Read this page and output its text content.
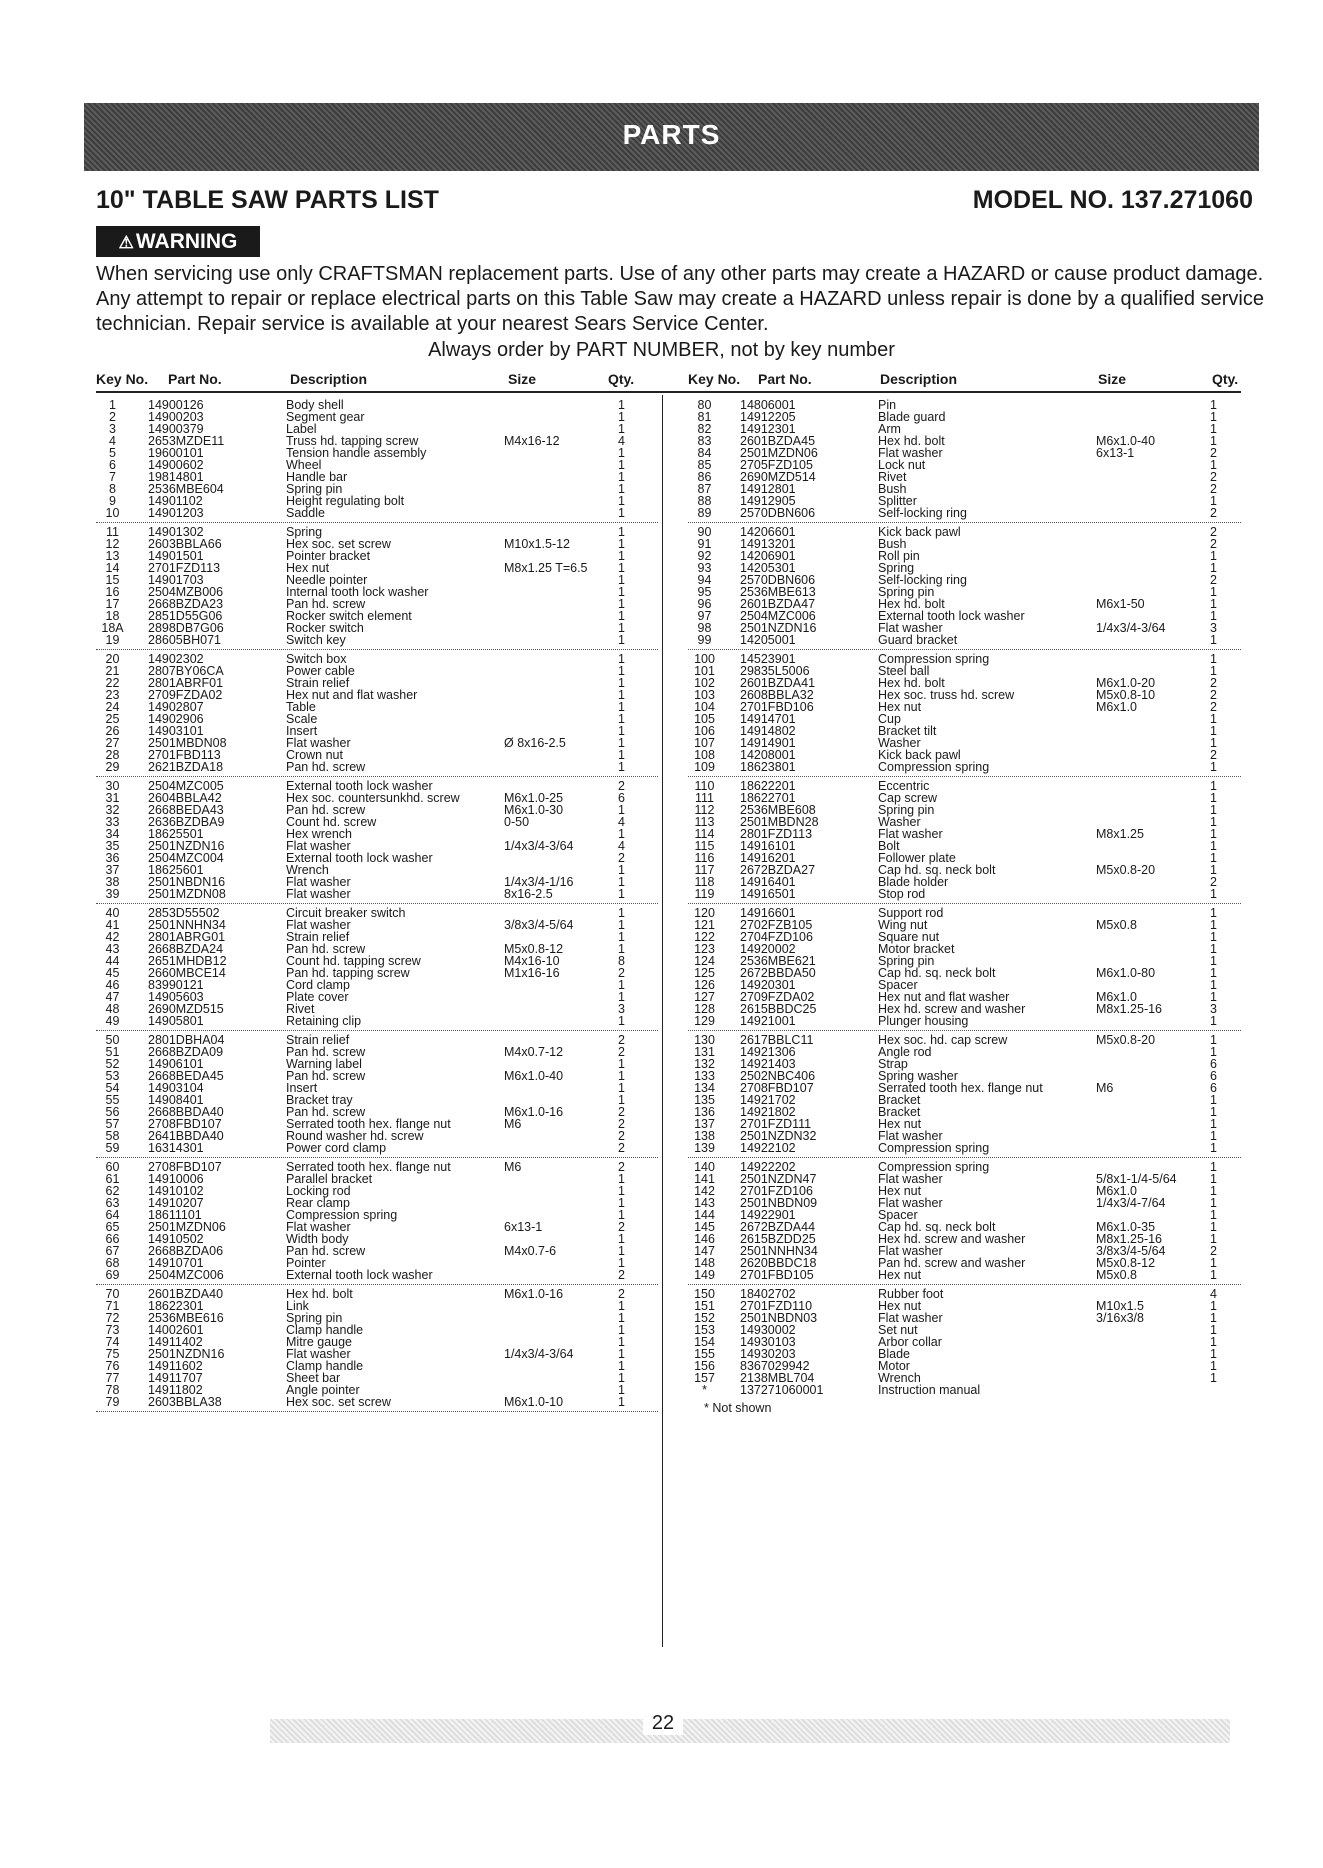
PARTS
10" TABLE SAW PARTS LIST	MODEL NO. 137.271060
⚠WARNING
When servicing use only CRAFTSMAN replacement parts. Use of any other parts may create a HAZARD or cause product damage. Any attempt to repair or replace electrical parts on this Table Saw may create a HAZARD unless repair is done by a qualified service technician. Repair service is available at your nearest Sears Service Center.
Always order by PART NUMBER, not by key number
Key No. Part No.	Description	Size	Qty.	Key No. Part No.	Description	Size	Qty.
1	14900126	Body shell	1
2	14900203	Segment gear	1
3	14900379	Label	1
4	2653MZDE11	Truss hd. tapping screw	M4x16-12	4
5	19600101	Tension handle assembly	1
6	14900602	Wheel	1
7	19814801	Handle bar	1
8	2536MBE604	Spring pin	1
9	14901102	Height regulating bolt	1
10	14901203	Saddle	1
11	14901302	Spring	1
12	2603BBLA66	Hex soc. set screw	M10x1.5-12	1
13	14901501	Pointer bracket	1
14	2701FZD113	Hex nut	M8x1.25 T=6.5 1
15	14901703	Needle pointer	1
16	2504MZB006	Internal tooth lock washer	1
17	2668BZDA23	Pan hd. screw	1
18	2851D55G06	Rocker switch element	1
18A	2898DB7G06	Rocker switch	1
19	28605BH071	Switch key	1
20	14902302	Switch box	1
21	2807BY06CA	Power cable	1
22	2801ABRF01	Strain relief	1
23	2709FZDA02	Hex nut and flat washer	1
24	14902807	Table	1
25	14902906	Scale	1
26	14903101	Insert	1
27	2501MBDN08	Flat washer	Ø 8x16-2.5	1
28	2701FBD113	Crown nut	1
29	2621BZDA18	Pan hd. screw	1
30	2504MZC005	External tooth lock washer	2
31	2604BBLA42	Hex soc. countersunkhd. screw	M6x1.0-25	6
32	2668BEDA43	Pan hd. screw	M6x1.0-30	1
33	2636BZDBA9	Count hd. screw	0-50	4
34	18625501	Hex wrench	1
35	2501NZDN16	Flat washer	1/4x3/4-3/64	4
36	2504MZC004	External tooth lock washer	2
37	18625601	Wrench	1
38	2501NBDN16	Flat washer	1/4x3/4-1/16	1
39	2501MZDN08	Flat washer	8x16-2.5	1
40	2853D55502	Circuit breaker switch	1
41	2501NNHN34	Flat washer	3/8x3/4-5/64	1
42	2801ABRG01	Strain relief	1
43	2668BZDA24	Pan hd. screw	M5x0.8-12	1
44	2651MHDB12	Count hd. tapping screw	M4x16-10	8
45	2660MBCE14	Pan hd. tapping screw	M1x16-16	2
46	83990121	Cord clamp	1
47	14905603	Plate cover	1
48	2690MZD515	Rivet	3
49	14905801	Retaining clip	1
50	2801DBHA04	Strain relief	2
51	2668BZDA09	Pan hd. screw	M4x0.7-12	2
52	14906101	Warning label	1
53	2668BEDA45	Pan hd. screw	M6x1.0-40	1
54	14903104	Insert	1
55	14908401	Bracket tray	1
56	2668BBDA40	Pan hd. screw	M6x1.0-16	2
57	2708FBD107	Serrated tooth hex. flange nut	M6	2
58	2641BBDA40	Round washer hd. screw	2
59	16314301	Power cord clamp	2
60	2708FBD107	Serrated tooth hex. flange nut	M6	2
61	14910006	Parallel bracket	1
62	14910102	Locking rod	1
63	14910207	Rear clamp	1
64	18611101	Compression spring	1
65	2501MZDN06	Flat washer	6x13-1	2
66	14910502	Width body	1
67	2668BZDA06	Pan hd. screw	M4x0.7-6	1
68	14910701	Pointer	1
69	2504MZC006	External tooth lock washer	2
70	2601BZDA40	Hex hd. bolt	M6x1.0-16	2
71	18622301	Link	1
72	2536MBE616	Spring pin	1
73	14002601	Clamp handle	1
74	14911402	Mitre gauge	1
75	2501NZDN16	Flat washer	1/4x3/4-3/64	1
76	14911602	Clamp handle	1
77	14911707	Sheet bar	1
78	14911802	Angle pointer	1
79	2603BBLA38	Hex soc. set screw	M6x1.0-10	1
80	14806001	Pin	1
81	14912205	Blade guard	1
82	14912301	Arm	1
83	2601BZDA45	Hex hd. bolt	M6x1.0-40	1
84	2501MZDN06	Flat washer	6x13-1	2
85	2705FZD105	Lock nut	1
86	2690MZD514	Rivet	2
87	14912801	Bush	2
88	14912905	Splitter	1
89	2570DBN606	Self-locking ring	2
90	14206601	Kick back pawl	2
91	14913201	Bush	2
92	14206901	Roll pin	1
93	14205301	Spring	1
94	2570DBN606	Self-locking ring	2
95	2536MBE613	Spring pin	1
96	2601BZDA47	Hex hd. bolt	M6x1-50	1
97	2504MZC006	External tooth lock washer	1
98	2501NZDN16	Flat washer	1/4x3/4-3/64	3
99	14205001	Guard bracket	1
100	14523901	Compression spring	1
101	29835L5006	Steel ball	1
102	2601BZDA41	Hex hd. bolt	M6x1.0-20	2
103	2608BBLA32	Hex soc. truss hd. screw	M5x0.8-10	2
104	2701FBD106	Hex nut	M6x1.0	2
105	14914701	Cup	1
106	14914802	Bracket tilt	1
107	14914901	Washer	1
108	14208001	Kick back pawl	2
109	18623801	Compression spring	1
110	18622201	Eccentric	1
111	18622701	Cap screw	1
112	2536MBE608	Spring pin	1
113	2501MBDN28	Washer	1
114	2801FZD113	Flat washer	M8x1.25	1
115	14916101	Bolt	1
116	14916201	Follower plate	1
117	2672BZDA27	Cap hd. sq. neck bolt	M5x0.8-20	1
118	14916401	Blade holder	2
119	14916501	Stop rod	1
120	14916601	Support rod	1
121	2702FZB105	Wing nut	M5x0.8	1
122	2704FZD106	Square nut	1
123	14920002	Motor bracket	1
124	2536MBE621	Spring pin	1
125	2672BBDA50	Cap hd. sq. neck bolt	M6x1.0-80	1
126	14920301	Spacer	1
127	2709FZDA02	Hex nut and flat washer	M6x1.0	1
128	2615BBDC25	Hex hd. screw and washer	M8x1.25-16	3
129	14921001	Plunger housing	1
130	2617BBLC11	Hex soc. hd. cap screw	M5x0.8-20	1
131	14921306	Angle rod	1
132	14921403	Strap	6
133	2502NBC406	Spring washer	6
134	2708FBD107	Serrated tooth hex. flange nut	M6	6
135	14921702	Bracket	1
136	14921802	Bracket	1
137	2701FZD111	Hex nut	1
138	2501NZDN32	Flat washer	1
139	14922102	Compression spring	1
140	14922202	Compression spring	1
141	2501NZDN47	Flat washer	5/8x1-1/4-5/64	1
142	2701FZD106	Hex nut	M6x1.0	1
143	2501NBDN09	Flat washer	1/4x3/4-7/64	1
144	14922901	Spacer	1
145	2672BZDA44	Cap hd. sq. neck bolt	M6x1.0-35	1
146	2615BZDD25	Hex hd. screw and washer	M8x1.25-16	1
147	2501NNHN34	Flat washer	3/8x3/4-5/64	2
148	2620BBDC18	Pan hd. screw and washer	M5x0.8-12	1
149	2701FBD105	Hex nut	M5x0.8	1
150	18402702	Rubber foot	4
151	2701FZD110	Hex nut	M10x1.5	1
152	2501NBDN03	Flat washer	3/16x3/8	1
153	14930002	Set nut	1
154	14930103	Arbor collar	1
155	14930203	Blade	1
156	8367029942	Motor	1
157	2138MBL704	Wrench	1
*	137271060001	Instruction manual
* Not shown
22
